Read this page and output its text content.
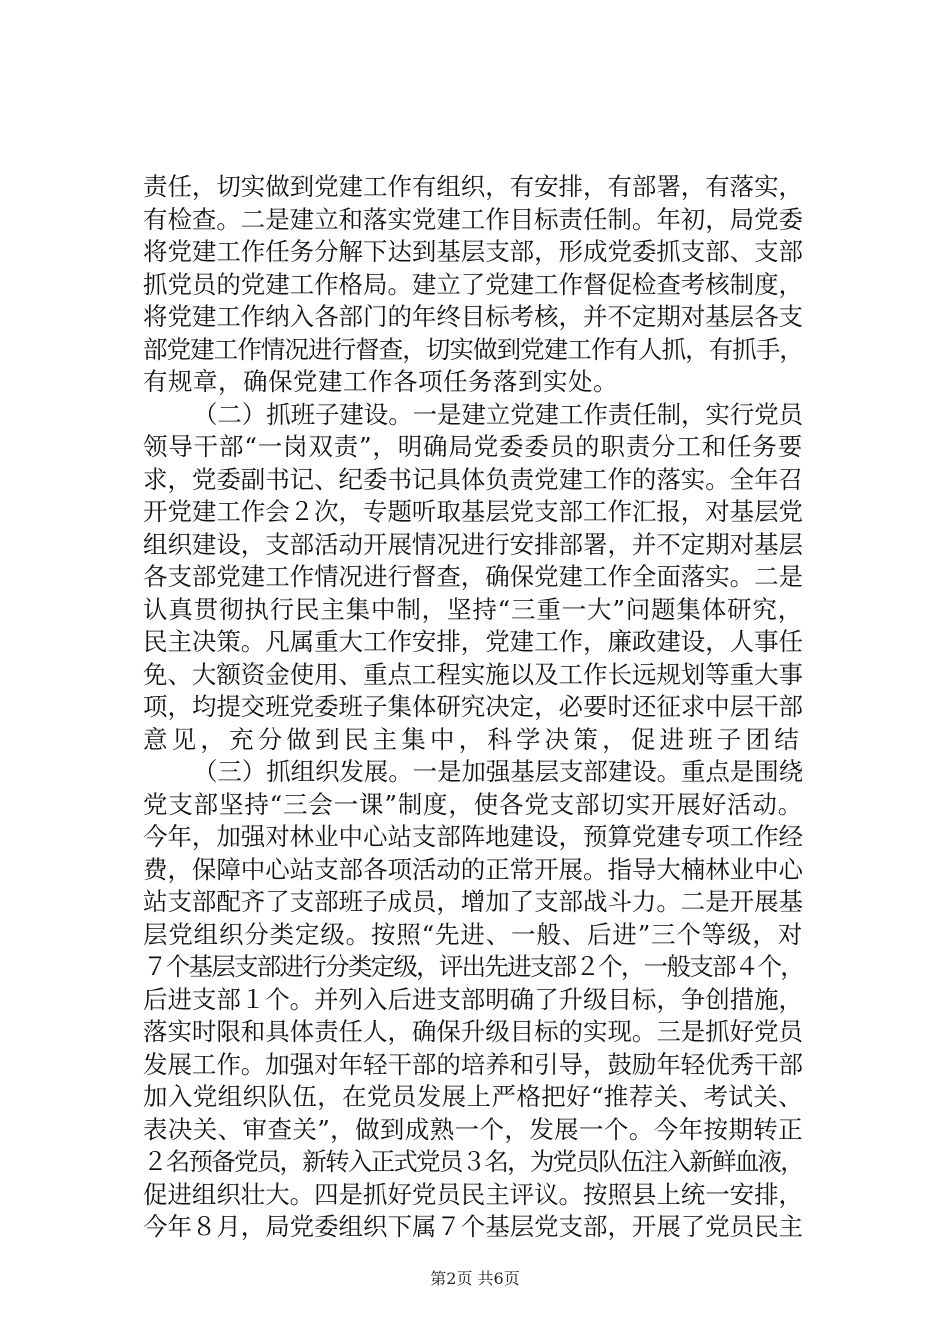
责任，切实做到党建工作有组织，有安排，有部署，有落实，
有检查。二是建立和落实党建工作目标责任制。年初，局党委
将党建工作任务分解下达到基层支部，形成党委抓支部、支部
抓党员的党建工作格局。建立了党建工作督促检查考核制度，
将党建工作纳入各部门的年终目标考核，并不定期对基层各支
部党建工作情况进行督查，切实做到党建工作有人抓，有抓手，
有规章，确保党建工作各项任务落到实处。
（二）抓班子建设。一是建立党建工作责任制，实行党员
领导干部“一岗双责”，明确局党委委员的职责分工和任务要
求，党委副书记、纪委书记具体负责党建工作的落实。全年召
开党建工作会２次，专题听取基层党支部工作汇报，对基层党
组织建设，支部活动开展情况进行安排部署，并不定期对基层
各支部党建工作情况进行督查，确保党建工作全面落实。二是
认真贯彻执行民主集中制，坚持“三重一大”问题集体研究，
民主决策。凡属重大工作安排，党建工作，廉政建设，人事任
免、大额资金使用、重点工程实施以及工作长远规划等重大事
项，均提交班党委班子集体研究决定，必要时还征求中层干部
意见，充分做到民主集中，科学决策，促进班子团结
（三）抓组织发展。一是加强基层支部建设。重点是围绕
党支部坚持“三会一课”制度，使各党支部切实开展好活动。
今年，加强对林业中心站支部阵地建设，预算党建专项工作经
费，保障中心站支部各项活动的正常开展。指导大楠林业中心
站支部配齐了支部班子成员，增加了支部战斗力。二是开展基
层党组织分类定级。按照“先进、一般、后进”三个等级，对
７个基层支部进行分类定级，评出先进支部２个，一般支部４个，
后进支部１个。并列入后进支部明确了升级目标，争创措施，
落实时限和具体责任人，确保升级目标的实现。三是抓好党员
发展工作。加强对年轻干部的培养和引导，鼓励年轻优秀干部
加入党组织队伍，在党员发展上严格把好“推荐关、考试关、
表决关、审查关”，做到成熟一个，发展一个。今年按期转正
２名预备党员，新转入正式党员３名，为党员队伍注入新鲜血液，
促进组织壮大。四是抓好党员民主评议。按照县上统一安排，
今年８月，局党委组织下属７个基层党支部，开展了党员民主
第2页 共6页
